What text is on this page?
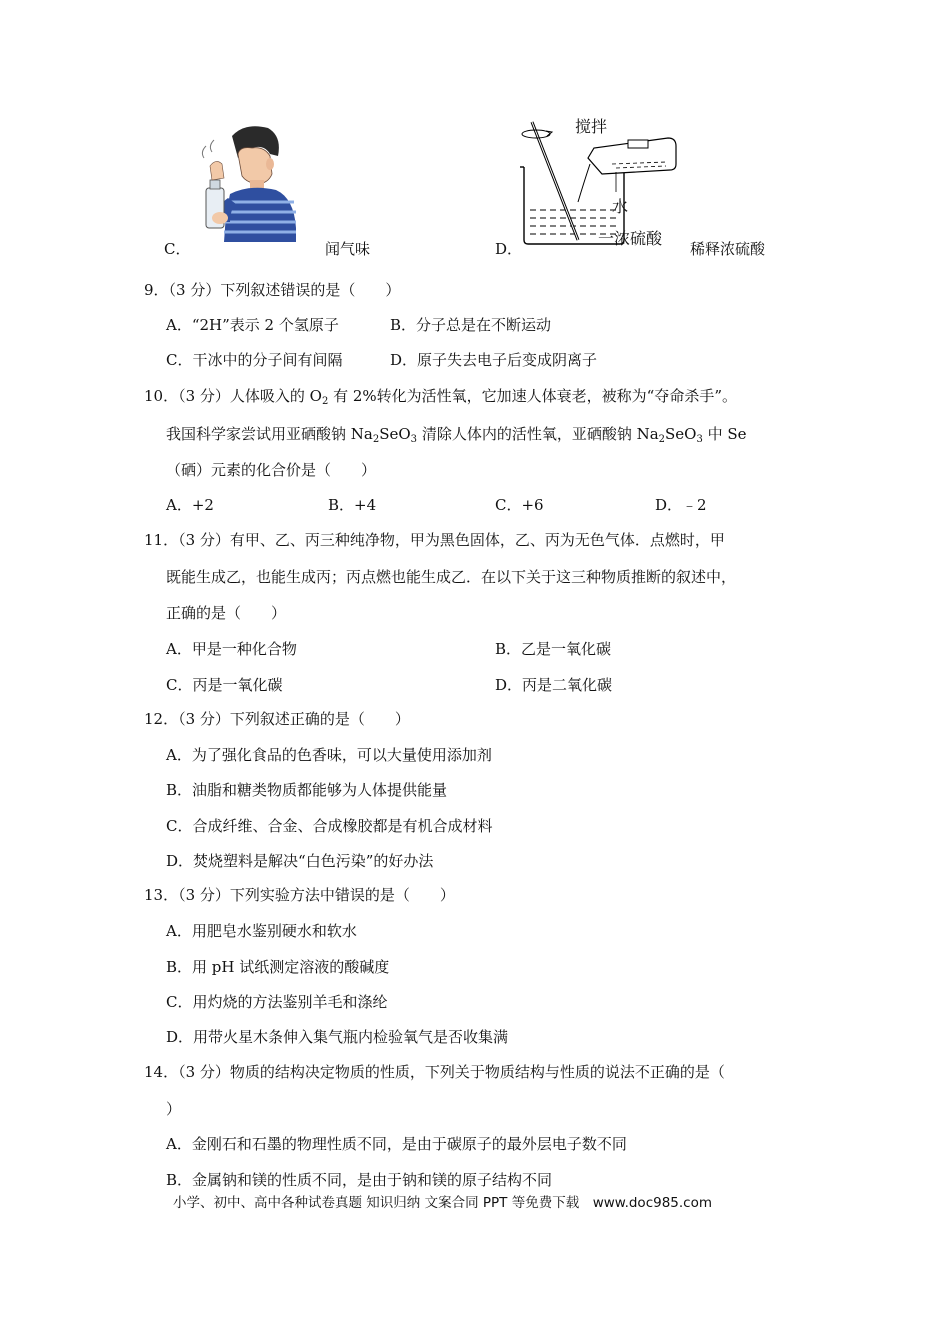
C．	闻气味	D．
搅拌
水
一浓硫酸
稀释浓硫酸
9．（3 分）下列叙述错误的是（　　）
A．“2H”表示 2 个氢原子	B．分子总是在不断运动
C．干冰中的分子间有间隔	D．原子失去电子后变成阴离子
10．（3 分）人体吸入的 $O_2$ 有 2%转化为活性氧，它加速人体衰老，被称为“夺命杀手”。
我国科学家尝试用亚硒酸钠 $Na_2SeO_3$ 清除人体内的活性氧，亚硒酸钠 $Na_2SeO_3$ 中 Se
（硒）元素的化合价是（　　）
A．+2	B．+4	C．+6	D．﹣2
11．（3 分）有甲、乙、丙三种纯净物，甲为黑色固体，乙、丙为无色气体．点燃时，甲
既能生成乙，也能生成丙；丙点燃也能生成乙．在以下关于这三种物质推断的叙述中，
正确的是（　　）
A．甲是一种化合物	B．乙是一氧化碳
C．丙是一氧化碳	D．丙是二氧化碳
12．（3 分）下列叙述正确的是（　　）
A．为了强化食品的色香味，可以大量使用添加剂
B．油脂和糖类物质都能够为人体提供能量
C．合成纤维、合金、合成橡胶都是有机合成材料
D．焚烧塑料是解决“白色污染”的好办法
13．（3 分）下列实验方法中错误的是（　　）
A．用肥皂水鉴别硬水和软水
B．用 pH 试纸测定溶液的酸碱度
C．用灼烧的方法鉴别羊毛和涤纶
D．用带火星木条伸入集气瓶内检验氧气是否收集满
14．（3 分）物质的结构决定物质的性质，下列关于物质结构与性质的说法不正确的是（
）
A．金刚石和石墨的物理性质不同，是由于碳原子的最外层电子数不同
B．金属钠和镁的性质不同，是由于钠和镁的原子结构不同
小学、初中、高中各种试卷真题 知识归纳 文案合同 PPT 等免费下载　www.doc985.com
